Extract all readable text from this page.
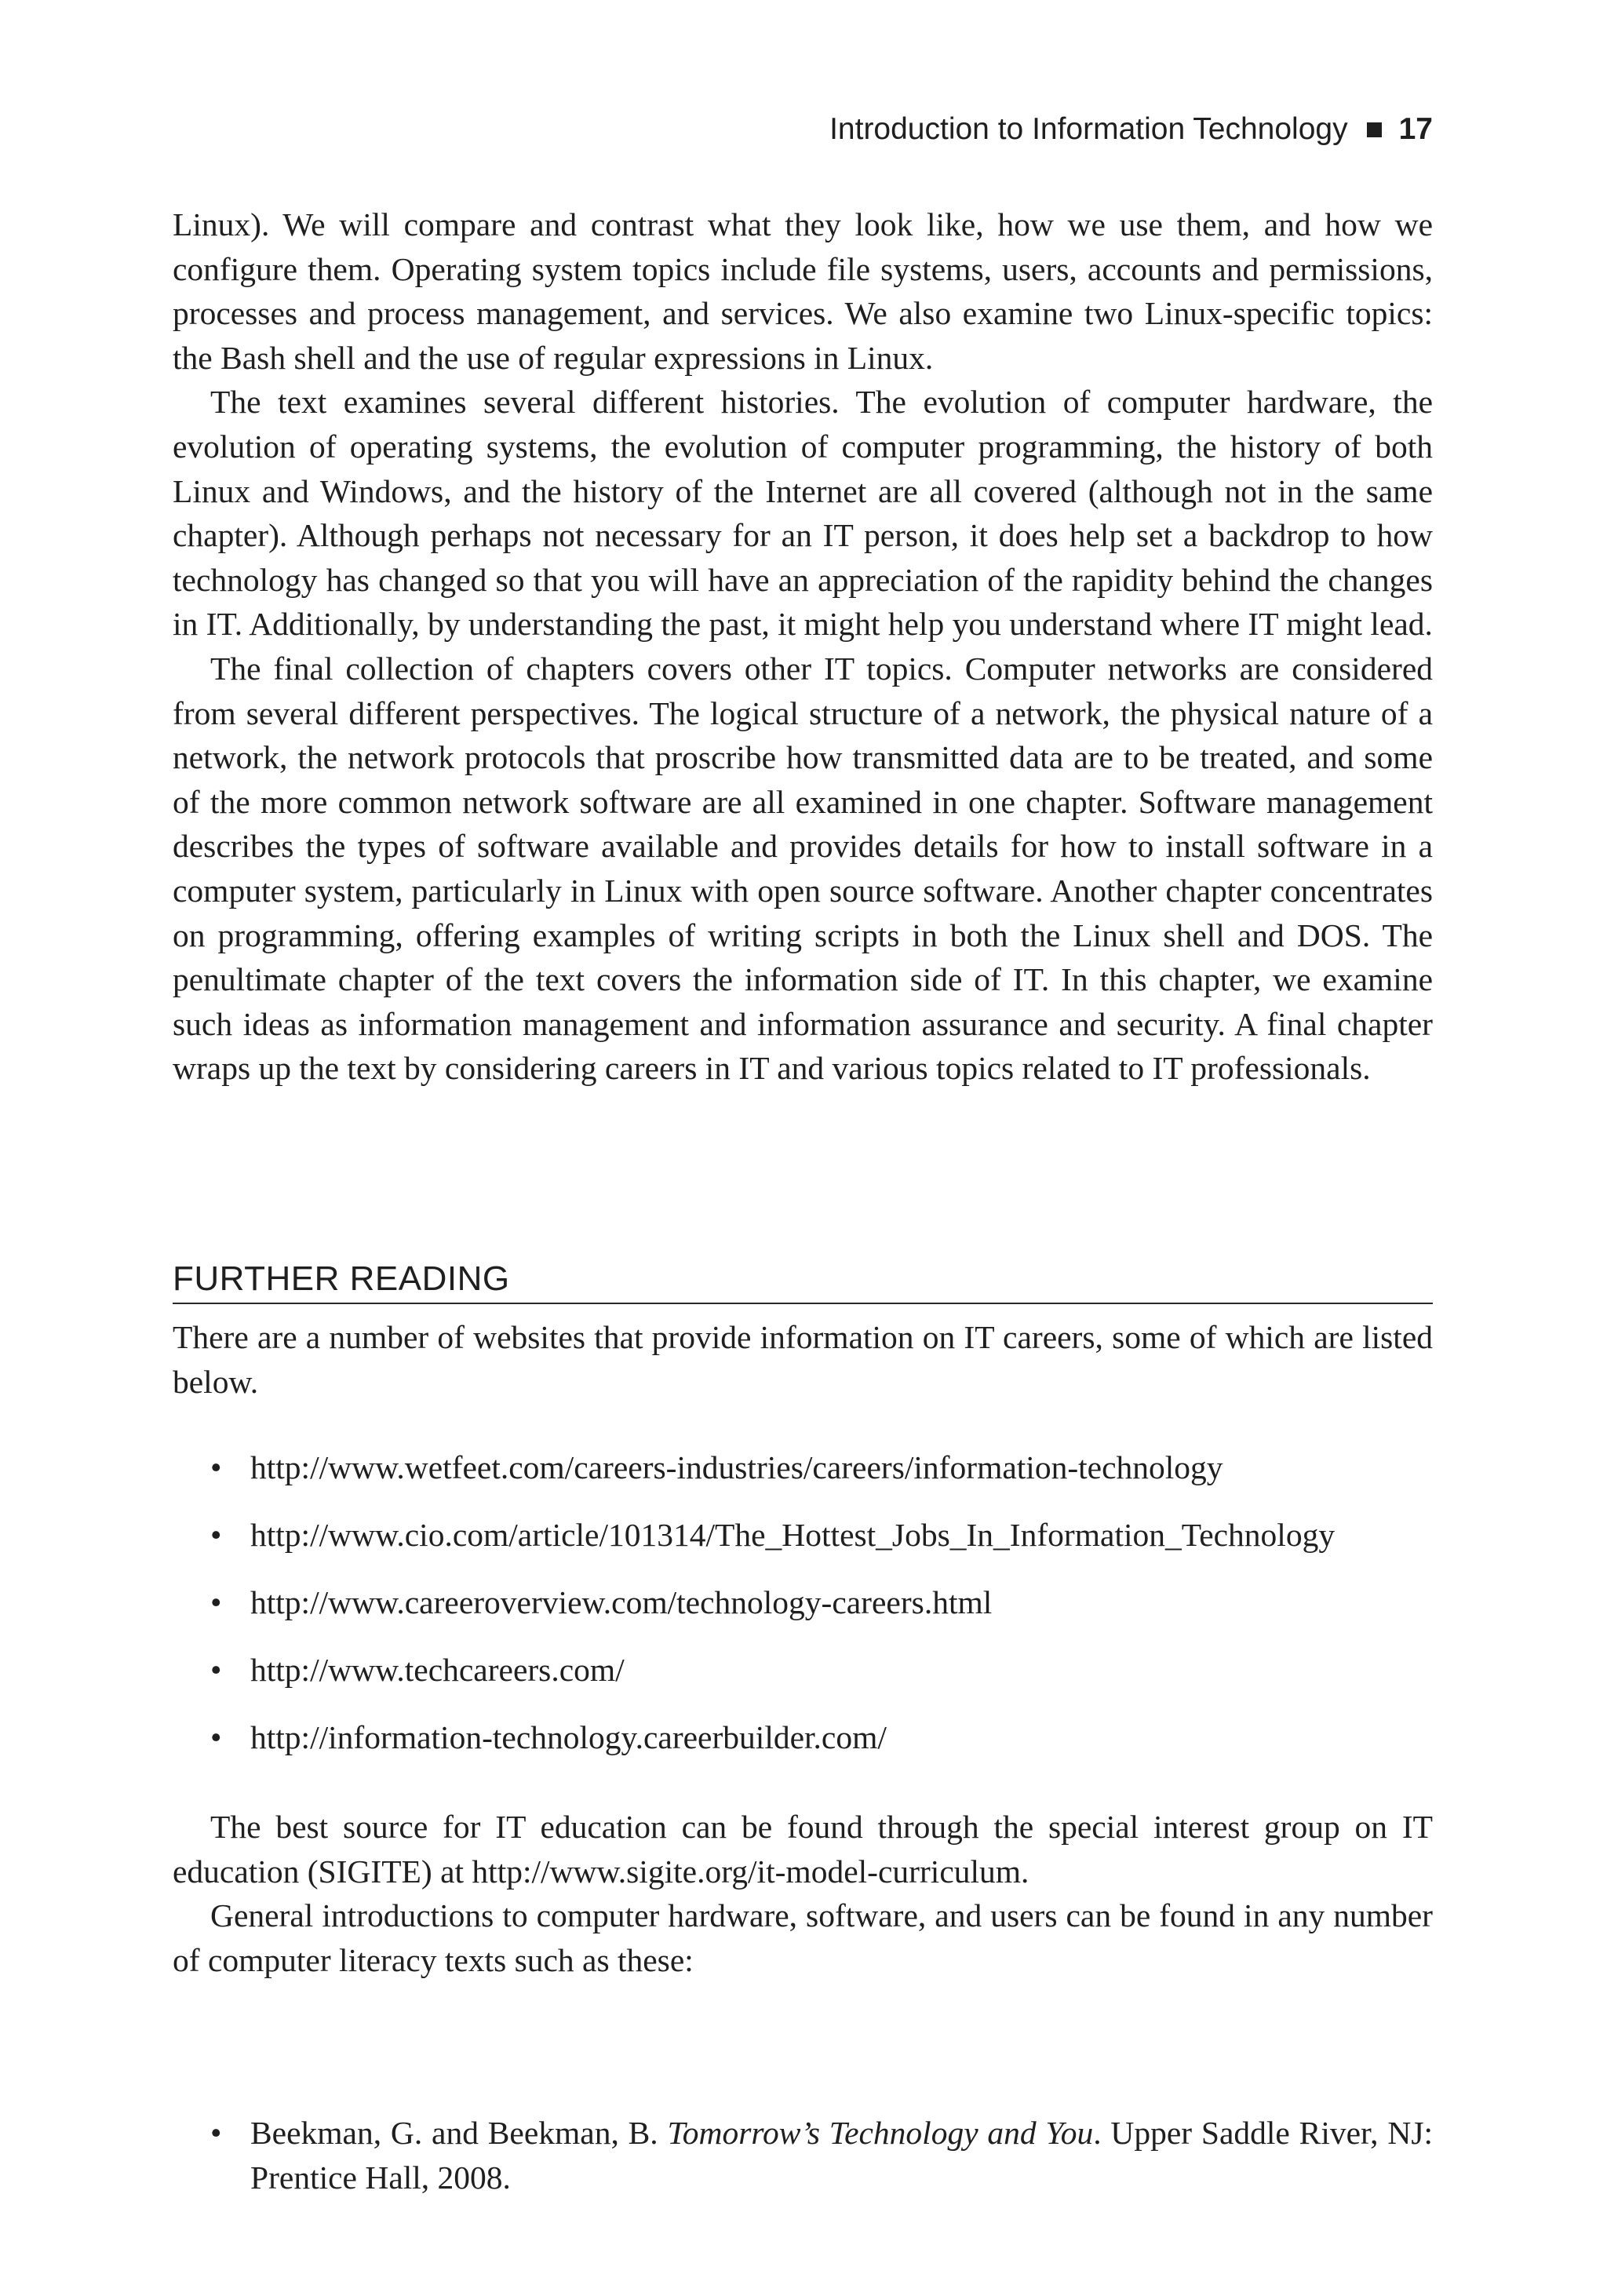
Introduction to Information Technology 17

Linux). We will compare and contrast what they look like, how we use them, and how we configure them. Operating system topics include file systems, users, accounts and permissions, processes and process management, and services. We also examine two Linux-specific topics: the Bash shell and the use of regular expressions in Linux.

The text examines several different histories. The evolution of computer hardware, the evolution of operating systems, the evolution of computer programming, the history of both Linux and Windows, and the history of the Internet are all covered (although not in the same chapter). Although perhaps not necessary for an IT person, it does help set a backdrop to how technology has changed so that you will have an appreciation of the rapidity behind the changes in IT. Additionally, by understanding the past, it might help you understand where IT might lead.

The final collection of chapters covers other IT topics. Computer networks are considered from several different perspectives. The logical structure of a network, the physical nature of a network, the network protocols that proscribe how transmitted data are to be treated, and some of the more common network software are all examined in one chapter. Software management describes the types of software available and provides details for how to install software in a computer system, particularly in Linux with open source software. Another chapter concentrates on programming, offering examples of writing scripts in both the Linux shell and DOS. The penultimate chapter of the text covers the information side of IT. In this chapter, we examine such ideas as information management and information assurance and security. A final chapter wraps up the text by considering careers in IT and various topics related to IT professionals.

FURTHER READING

There are a number of websites that provide information on IT careers, some of which are listed below.

• http://www.wetfeet.com/careers-industries/careers/information-technology
• http://www.cio.com/article/101314/The_Hottest_Jobs_In_Information_Technology
• http://www.careeroverview.com/technology-careers.html
• http://www.techcareers.com/
• http://information-technology.careerbuilder.com/

The best source for IT education can be found through the special interest group on IT education (SIGITE) at http://www.sigite.org/it-model-curriculum.

General introductions to computer hardware, software, and users can be found in any number of computer literacy texts such as these:

• Beekman, G. and Beekman, B. Tomorrow’s Technology and You. Upper Saddle River, NJ: Prentice Hall, 2008.
